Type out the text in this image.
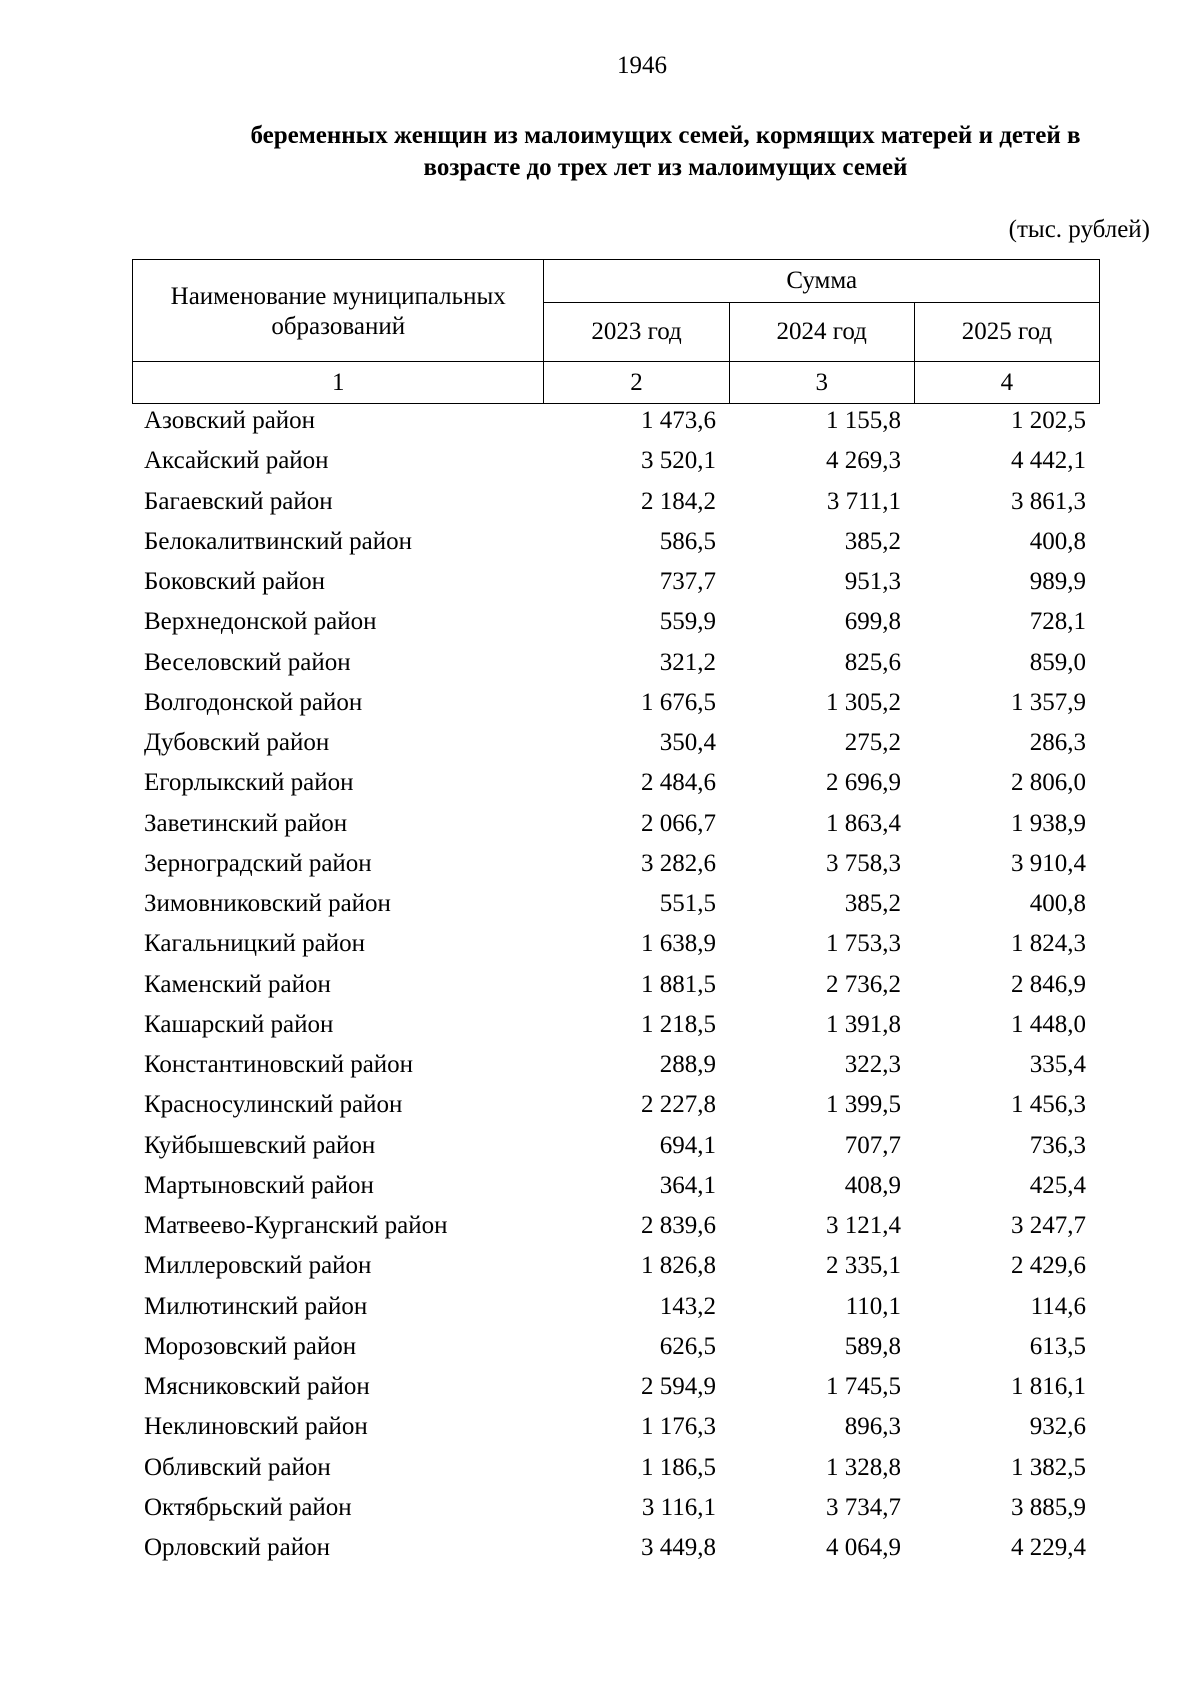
1946
беременных женщин из малоимущих семей, кормящих матерей и детей в
возрасте до трех лет из малоимущих семей
(тыс. рублей)
Наименование муниципальных
образований	Сумма		
	2023 год	2024 год	2025 год
1	2	3	4
Азовский район	1 473,6	1 155,8	1 202,5
Аксайский район	3 520,1	4 269,3	4 442,1
Багаевский район	2 184,2	3 711,1	3 861,3
Белокалитвинский район	586,5	385,2	400,8
Боковский район	737,7	951,3	989,9
Верхнедонской район	559,9	699,8	728,1
Веселовский район	321,2	825,6	859,0
Волгодонской район	1 676,5	1 305,2	1 357,9
Дубовский район	350,4	275,2	286,3
Егорлыкский район	2 484,6	2 696,9	2 806,0
Заветинский район	2 066,7	1 863,4	1 938,9
Зерноградский район	3 282,6	3 758,3	3 910,4
Зимовниковский район	551,5	385,2	400,8
Кагальницкий район	1 638,9	1 753,3	1 824,3
Каменский район	1 881,5	2 736,2	2 846,9
Кашарский район	1 218,5	1 391,8	1 448,0
Константиновский район	288,9	322,3	335,4
Красносулинский район	2 227,8	1 399,5	1 456,3
Куйбышевский район	694,1	707,7	736,3
Мартыновский район	364,1	408,9	425,4
Матвеево-Курганский район	2 839,6	3 121,4	3 247,7
Миллеровский район	1 826,8	2 335,1	2 429,6
Милютинский район	143,2	110,1	114,6
Морозовский район	626,5	589,8	613,5
Мясниковский район	2 594,9	1 745,5	1 816,1
Неклиновский район	1 176,3	896,3	932,6
Обливский район	1 186,5	1 328,8	1 382,5
Октябрьский район	3 116,1	3 734,7	3 885,9
Орловский район	3 449,8	4 064,9	4 229,4
